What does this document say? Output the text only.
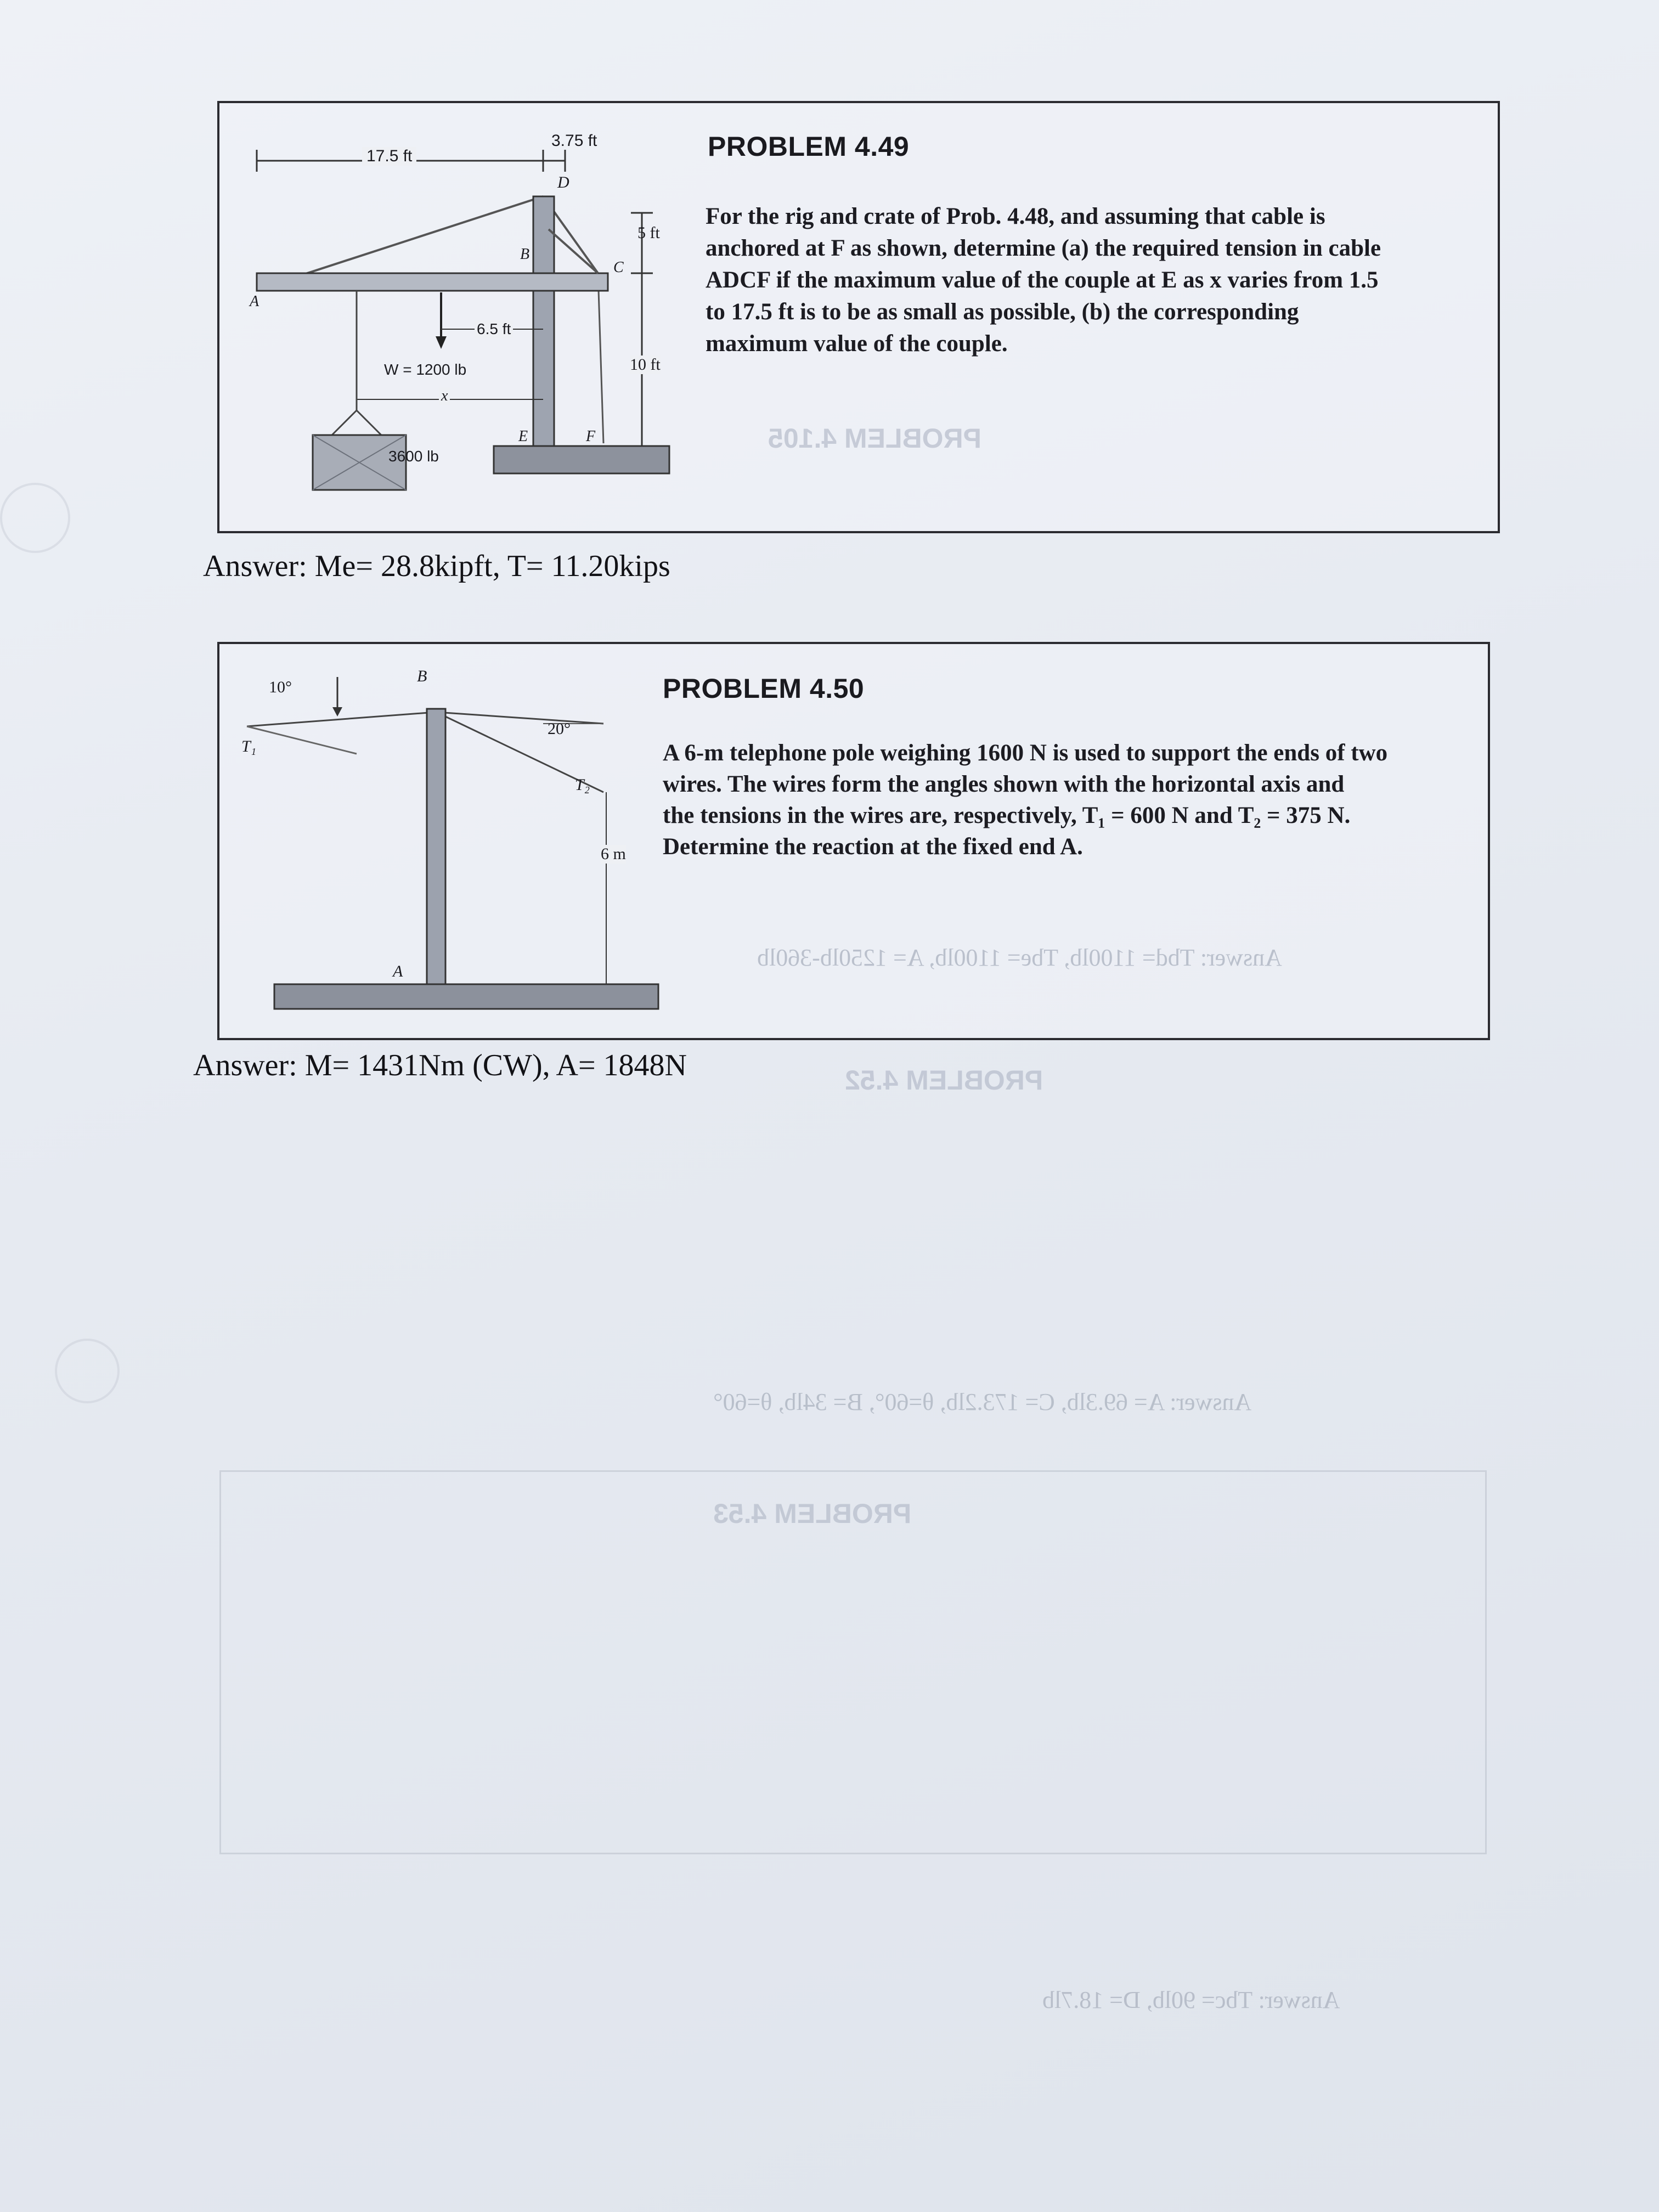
17.5 ft
3.75 ft
D
5 ft
B
C
A
6.5 ft
10 ft
W = 1200 lb
x
E	F
3600 lb
PROBLEM 4.49
For the rig and crate of Prob. 4.48, and assuming that cable is
anchored at F as shown, determine (a) the required tension in cable
ADCF if the maximum value of the couple at E as x varies from 1.5
to 17.5 ft is to be as small as possible, (b) the corresponding
maximum value of the couple.
Answer: Me= 28.8kipft, T= 11.20kips
10°
B
20°
T₁
T₂
6 m
A
PROBLEM 4.50
A 6-m telephone pole weighing 1600 N is used to support the ends of two
wires. The wires form the angles shown with the horizontal axis and
the tensions in the wires are, respectively, T₁ = 600 N and T₂ = 375 N.
Determine the reaction at the fixed end A.
Answer: M= 1431Nm (CW), A= 1848N
PROBLEM 4.105
Answer: Tbd= 1100lb, Tbe= 1100lb, A= 1250lb-360lb
PROBLEM 4.52
Answer: A= 69.3lb, C= 173.2lb, θ=60°, B= 34lb, θ=60°
PROBLEM 4.53
Answer: Tbc= 90lb, D= 18.7lb
